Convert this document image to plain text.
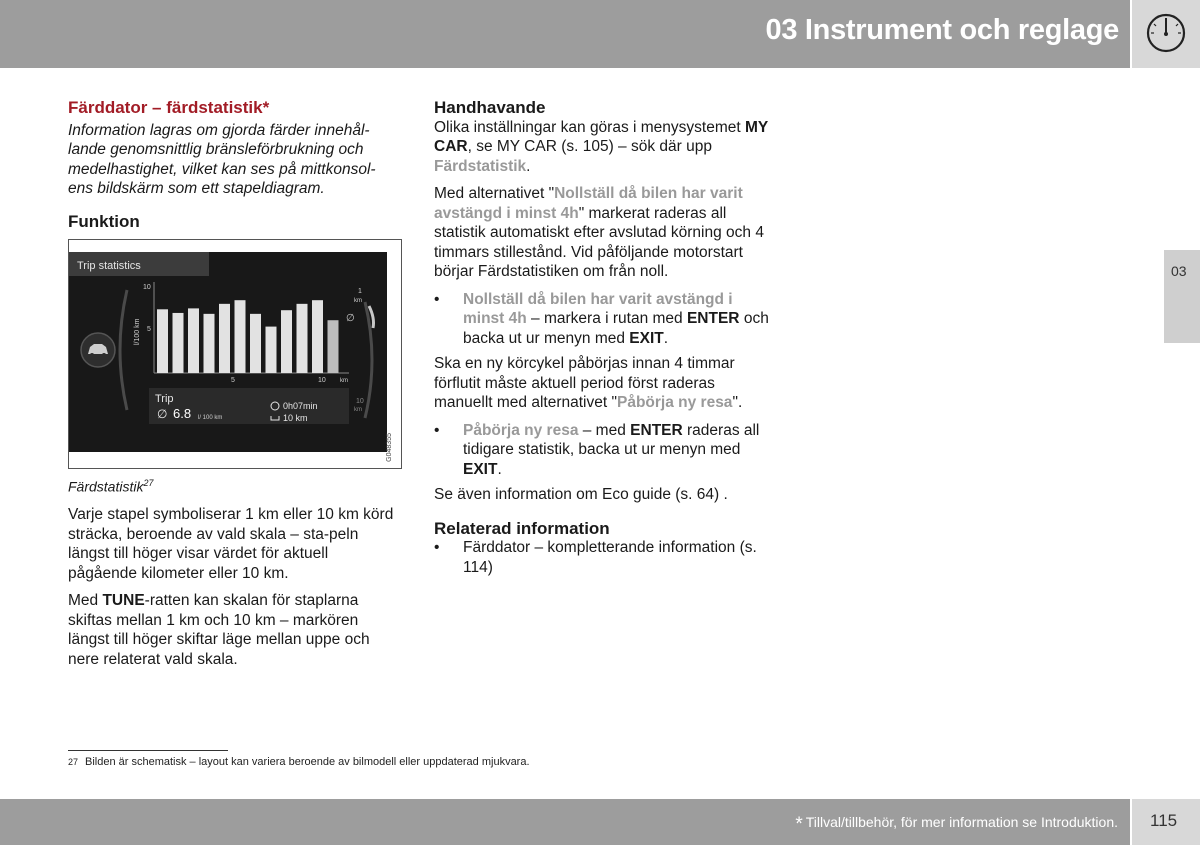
03 Instrument och reglage
03
Färddator – färdstatistik*
Information lagras om gjorda färder innehål-lande genomsnittlig bränsleförbrukning och medelhastighet, vilket kan ses på mittkonsol-ens bildskärm som ett stapeldiagram.
Funktion
Trip statistics
10
5
l/100 km
5	10 km
1
km
∅
Trip
∅ 6.8 l/ 100 km
0h07min
10 km
10
km
G048355
Färdstatistik$^{27}$
Varje stapel symboliserar 1 km eller 10 km körd sträcka, beroende av vald skala – sta-peln längst till höger visar värdet för aktuell pågående kilometer eller 10 km.
Med TUNE-ratten kan skalan för staplarna skiftas mellan 1 km och 10 km – markören längst till höger skiftar läge mellan uppe och nere relaterat vald skala.
Handhavande
Olika inställningar kan göras i menysystemet MY CAR, se MY CAR (s. 105) – sök där upp Färdstatistik.
Med alternativet "Nollställ då bilen har varit avstängd i minst 4h" markerat raderas all statistik automatiskt efter avslutad körning och 4 timmars stillestånd. Vid påföljande motorstart börjar Färdstatistiken om från noll.
• Nollställ då bilen har varit avstängd i minst 4h – markera i rutan med ENTER och backa ut ur menyn med EXIT.
Ska en ny körcykel påbörjas innan 4 timmar förflutit måste aktuell period först raderas manuellt med alternativet "Påbörja ny resa".
• Påbörja ny resa – med ENTER raderas all tidigare statistik, backa ut ur menyn med EXIT.
Se även information om Eco guide (s. 64) .
Relaterad information
• Färddator – kompletterande information (s. 114)
27 Bilden är schematisk – layout kan variera beroende av bilmodell eller uppdaterad mjukvara.
* Tillval/tillbehör, för mer information se Introduktion. 115
